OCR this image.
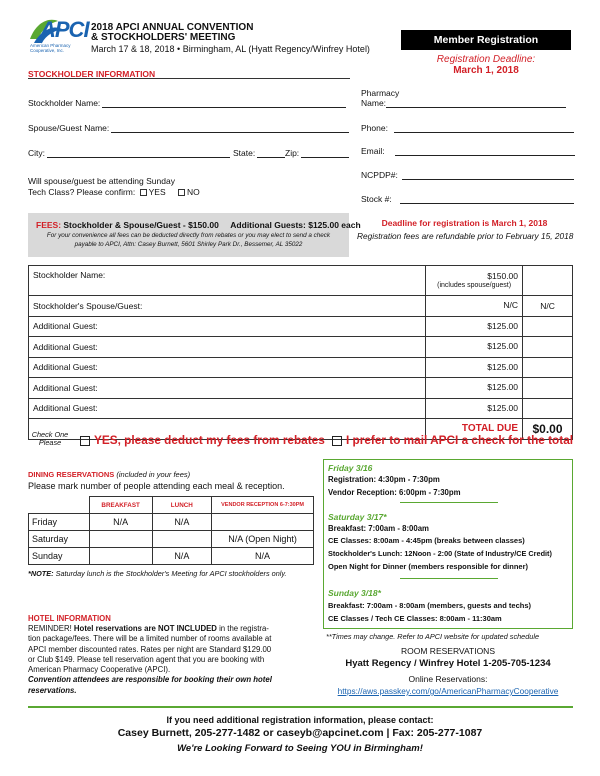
APCI
American Pharmacy Cooperative, Inc.
2018 APCI ANNUAL CONVENTION
& STOCKHOLDERS' MEETING
March 17 & 18, 2018 • Birmingham, AL (Hyatt Regency/Winfrey Hotel)
Member Registration
Registration Deadline:
March 1, 2018
STOCKHOLDER INFORMATION
Stockholder Name:
Spouse/Guest Name:
City:	State:	Zip:
Will spouse/guest be attending Sunday
Tech Class? Please confirm: YES	NO
Pharmacy
Name:
Phone:
Email:
NCPDP#:
Stock #:
FEES: Stockholder & Spouse/Guest - $150.00     Additional Guests: $125.00 each
For your convenience all fees can be deducted directly from rebates or you may elect to send a check
payable to APCI, Attn: Casey Burnett, 5601 Shirley Park Dr., Bessemer, AL 35022
Deadline for registration is March 1, 2018
Registration fees are refundable prior to February 15, 2018
Stockholder Name:	$150.00
(includes spouse/guest)	

Stockholder's Spouse/Guest:	N/C	N/C
Additional Guest:	$125.00	

Additional Guest:	$125.00	

Additional Guest:	$125.00	

Additional Guest:	$125.00	

Additional Guest:	$125.00	

	TOTAL DUE	$0.00
Check One
Please	YES, please deduct my fees from rebates	I prefer to mail APCI a check for the total
DINING RESERVATIONS (included in your fees)
Please mark number of people attending each meal & reception.
	BREAKFAST	LUNCH	VENDOR RECEPTION 6-7:30PM
Friday	N/A	N/A	
Saturday			N/A (Open Night)
Sunday		N/A	N/A
*NOTE: Saturday lunch is the Stockholder's Meeting for APCI stockholders only.
Friday 3/16
Registration: 4:30pm - 7:30pm
Vendor Reception: 6:00pm - 7:30pm
Saturday 3/17*
Breakfast: 7:00am - 8:00am
CE Classes: 8:00am - 4:45pm (breaks between classes)
Stockholder's Lunch: 12Noon - 2:00 (State of Industry/CE Credit)
Open Night for Dinner (members responsible for dinner)
Sunday 3/18*
Breakfast: 7:00am - 8:00am (members, guests and techs)
CE Classes / Tech CE Classes: 8:00am - 11:30am
**Times may change. Refer to APCI website for updated schedule
HOTEL INFORMATION
REMINDER! Hotel reservations are NOT INCLUDED in the registra-
tion package/fees. There will be a limited number of rooms available at
APCI member discounted rates. Rates per night are Standard $129.00
or Club $149. Please tell reservation agent that you are booking with
American Pharmacy Cooperative (APCI).
Convention attendees are responsible for booking their own hotel
reservations.
ROOM RESERVATIONS
Hyatt Regency / Winfrey Hotel 1-205-705-1234
Online Reservations:
https://aws.passkey.com/go/AmericanPharmacyCooperative
If you need additional registration information, please contact:
Casey Burnett, 205-277-1482 or caseyb@apcinet.com | Fax: 205-277-1087
We're Looking Forward to Seeing YOU in Birmingham!
